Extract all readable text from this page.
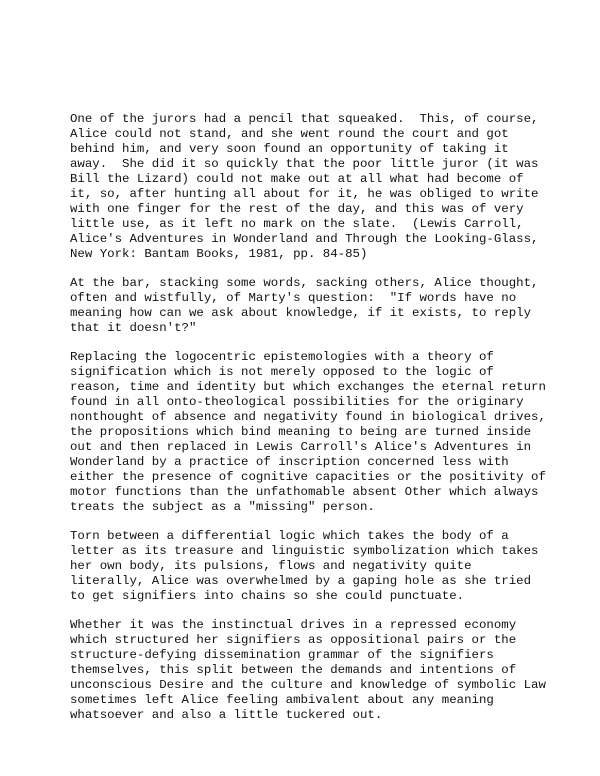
One of the jurors had a pencil that squeaked.  This, of course,
Alice could not stand, and she went round the court and got
behind him, and very soon found an opportunity of taking it
away.  She did it so quickly that the poor little juror (it was
Bill the Lizard) could not make out at all what had become of
it, so, after hunting all about for it, he was obliged to write
with one finger for the rest of the day, and this was of very
little use, as it left no mark on the slate.  (Lewis Carroll,
Alice's Adventures in Wonderland and Through the Looking-Glass,
New York: Bantam Books, 1981, pp. 84-85)

At the bar, stacking some words, sacking others, Alice thought,
often and wistfully, of Marty's question:  "If words have no
meaning how can we ask about knowledge, if it exists, to reply
that it doesn't?"

Replacing the logocentric epistemologies with a theory of
signification which is not merely opposed to the logic of
reason, time and identity but which exchanges the eternal return
found in all onto-theological possibilities for the originary
nonthought of absence and negativity found in biological drives,
the propositions which bind meaning to being are turned inside
out and then replaced in Lewis Carroll's Alice's Adventures in
Wonderland by a practice of inscription concerned less with
either the presence of cognitive capacities or the positivity of
motor functions than the unfathomable absent Other which always
treats the subject as a "missing" person.

Torn between a differential logic which takes the body of a
letter as its treasure and linguistic symbolization which takes
her own body, its pulsions, flows and negativity quite
literally, Alice was overwhelmed by a gaping hole as she tried
to get signifiers into chains so she could punctuate.

Whether it was the instinctual drives in a repressed economy
which structured her signifiers as oppositional pairs or the
structure-defying dissemination grammar of the signifiers
themselves, this split between the demands and intentions of
unconscious Desire and the culture and knowledge of symbolic Law
sometimes left Alice feeling ambivalent about any meaning
whatsoever and also a little tuckered out.
